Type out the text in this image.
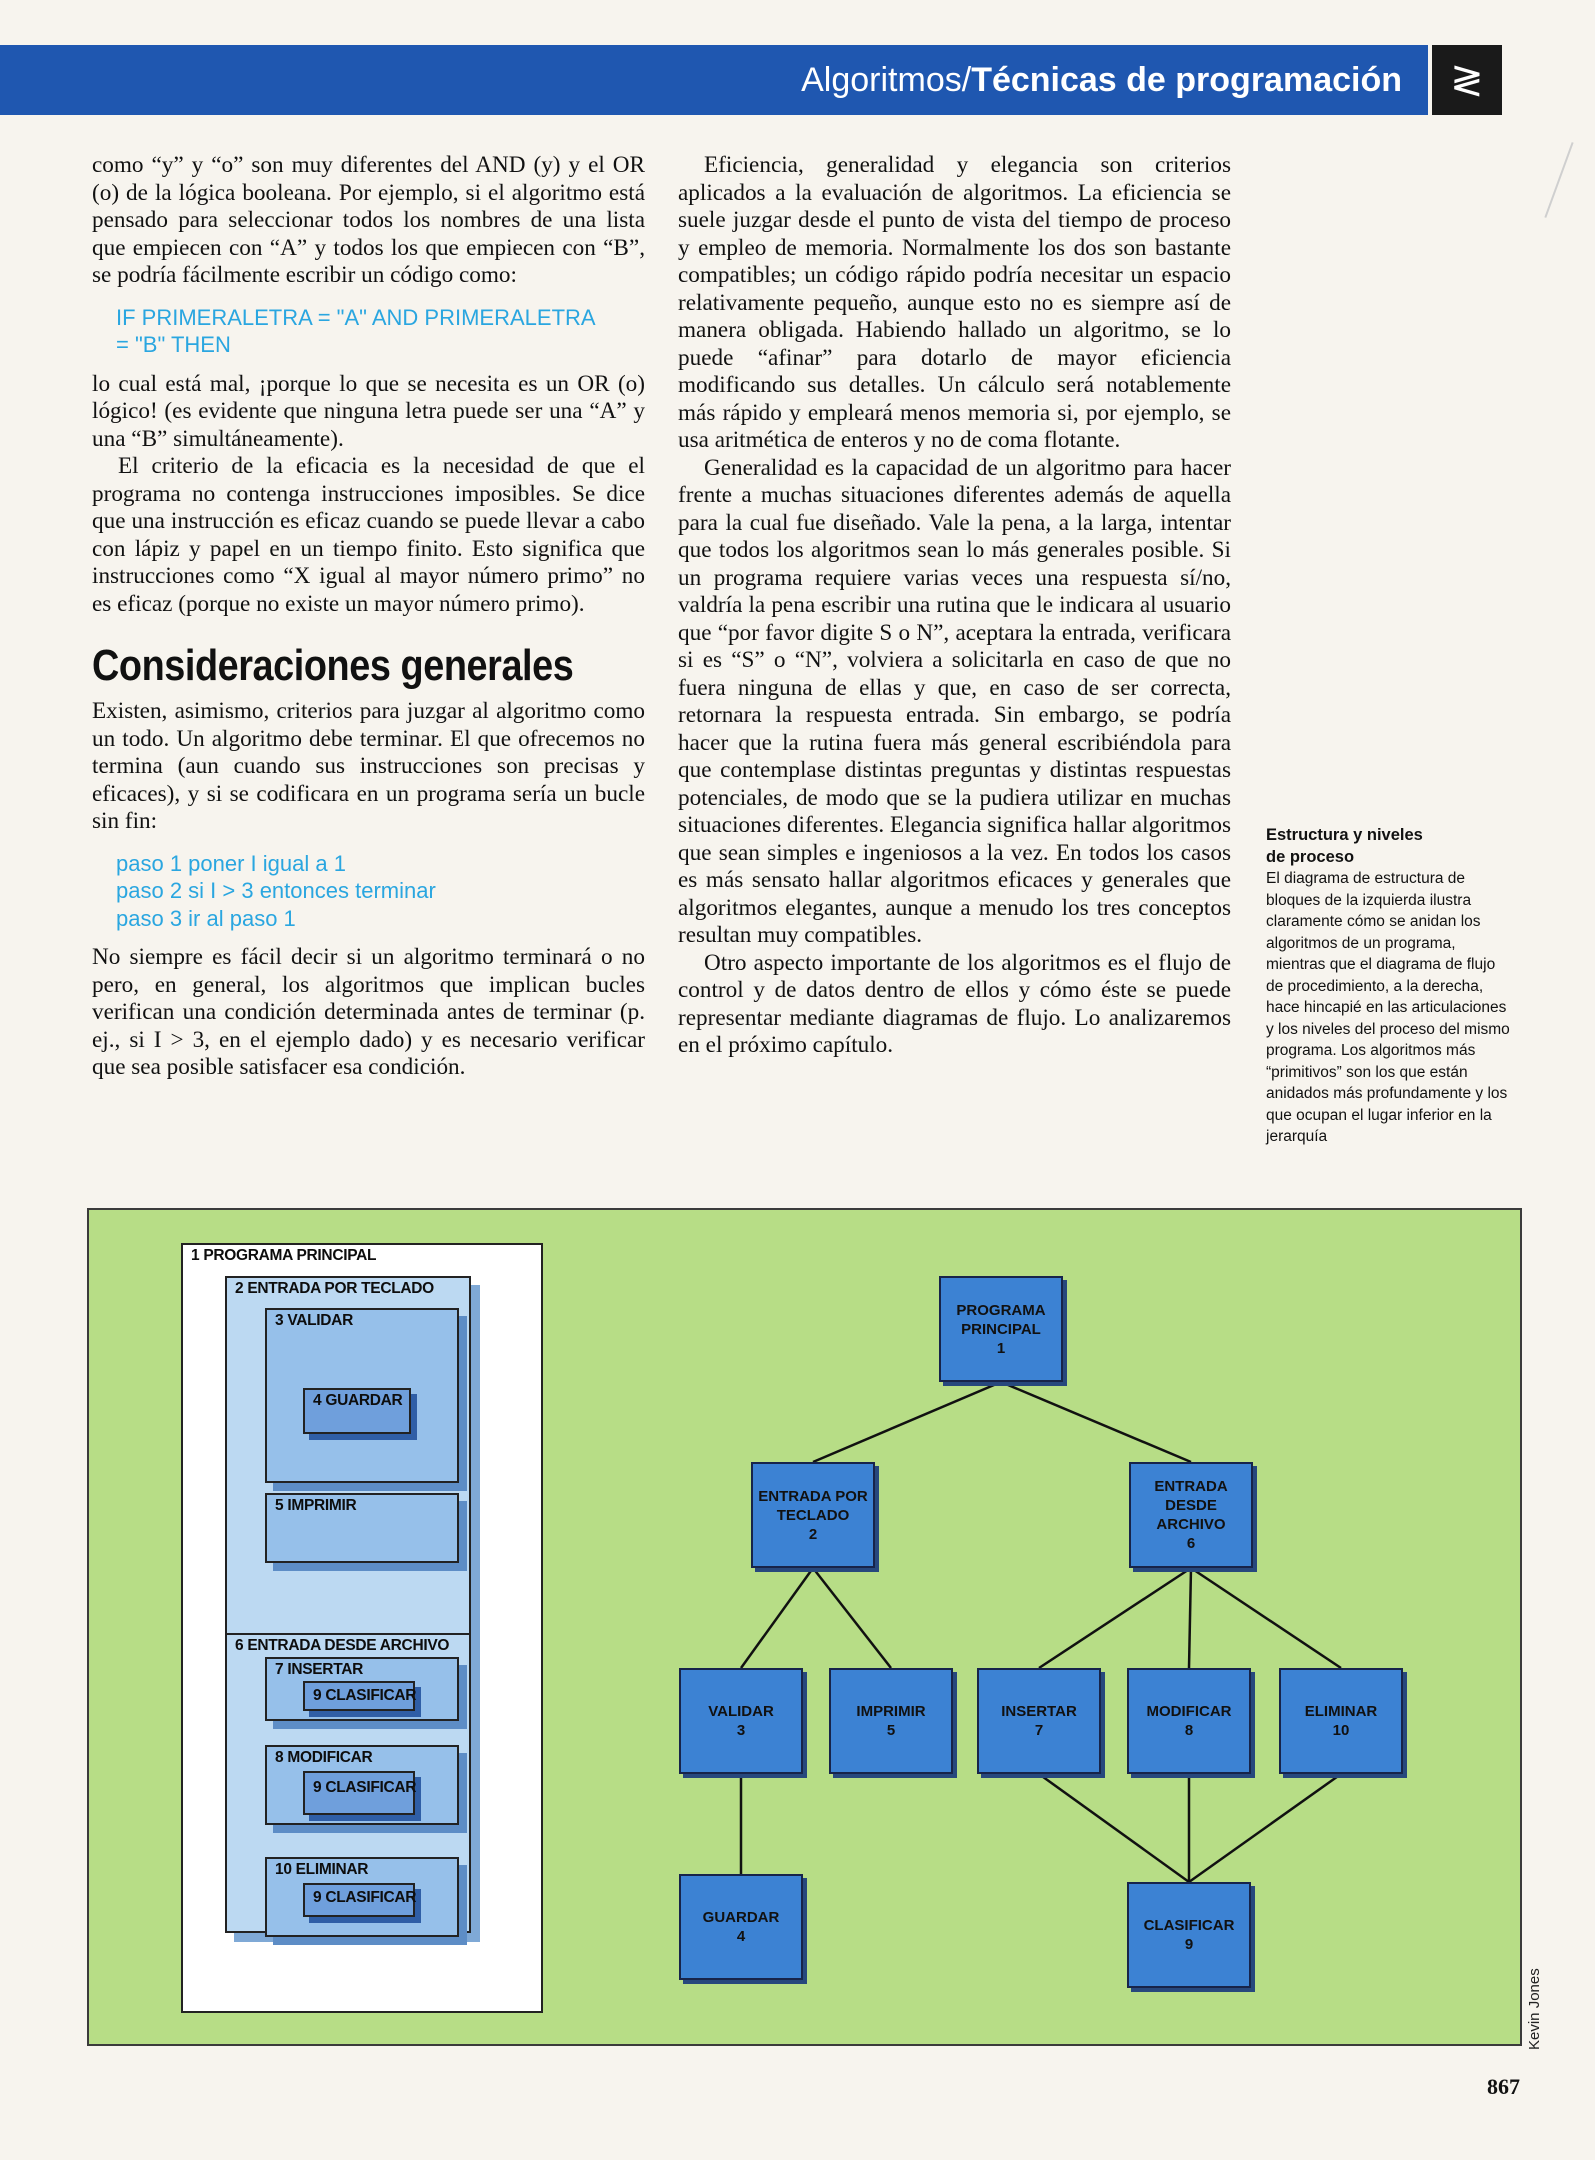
Algoritmos/Técnicas de programación	≷

como “y” y “o” son muy diferentes del AND (y) y el OR (o) de la lógica booleana. Por ejemplo, si el algoritmo está pensado para seleccionar todos los nombres de una lista que empiecen con “A” y todos los que empiecen con “B”, se podría fácilmente escribir un código como:

IF PRIMERALETRA = "A" AND PRIMERALETRA
= "B" THEN

lo cual está mal, ¡porque lo que se necesita es un OR (o) lógico! (es evidente que ninguna letra puede ser una “A” y una “B” simultáneamente).

El criterio de la eficacia es la necesidad de que el programa no contenga instrucciones imposibles. Se dice que una instrucción es eficaz cuando se puede llevar a cabo con lápiz y papel en un tiempo finito. Esto significa que instrucciones como “X igual al mayor número primo” no es eficaz (porque no existe un mayor número primo).

Consideraciones generales

Existen, asimismo, criterios para juzgar al algoritmo como un todo. Un algoritmo debe terminar. El que ofrecemos no termina (aun cuando sus instrucciones son precisas y eficaces), y si se codificara en un programa sería un bucle sin fin:

paso 1 poner I igual a 1
paso 2 si I > 3 entonces terminar
paso 3 ir al paso 1

No siempre es fácil decir si un algoritmo terminará o no pero, en general, los algoritmos que implican bucles verifican una condición determinada antes de terminar (p. ej., si I > 3, en el ejemplo dado) y es necesario verificar que sea posible satisfacer esa condición.

Eficiencia, generalidad y elegancia son criterios aplicados a la evaluación de algoritmos. La eficiencia se suele juzgar desde el punto de vista del tiempo de proceso y empleo de memoria. Normalmente los dos son bastante compatibles; un código rápido podría necesitar un espacio relativamente pequeño, aunque esto no es siempre así de manera obligada. Habiendo hallado un algoritmo, se lo puede “afinar” para dotarlo de mayor eficiencia modificando sus detalles. Un cálculo será notablemente más rápido y empleará menos memoria si, por ejemplo, se usa aritmética de enteros y no de coma flotante.

Generalidad es la capacidad de un algoritmo para hacer frente a muchas situaciones diferentes además de aquella para la cual fue diseñado. Vale la pena, a la larga, intentar que todos los algoritmos sean lo más generales posible. Si un programa requiere varias veces una respuesta sí/no, valdría la pena escribir una rutina que le indicara al usuario que “por favor digite S o N”, aceptara la entrada, verificara si es “S” o “N”, volviera a solicitarla en caso de que no fuera ninguna de ellas y que, en caso de ser correcta, retornara la respuesta entrada. Sin embargo, se podría hacer que la rutina fuera más general escribiéndola para que contemplase distintas preguntas y distintas respuestas potenciales, de modo que se la pudiera utilizar en muchas situaciones diferentes. Elegancia significa hallar algoritmos que sean simples e ingeniosos a la vez. En todos los casos es más sensato hallar algoritmos eficaces y generales que algoritmos elegantes, aunque a menudo los tres conceptos resultan muy compatibles.

Otro aspecto importante de los algoritmos es el flujo de control y de datos dentro de ellos y cómo éste se puede representar mediante diagramas de flujo. Lo analizaremos en el próximo capítulo.

Estructura y niveles
de proceso
El diagrama de estructura de bloques de la izquierda ilustra claramente cómo se anidan los algoritmos de un programa, mientras que el diagrama de flujo de procedimiento, a la derecha, hace hincapié en las articulaciones y los niveles del proceso del mismo programa. Los algoritmos más “primitivos” son los que están anidados más profundamente y los que ocupan el lugar inferior en la jerarquía
1 PROGRAMA PRINCIPAL
2 ENTRADA POR TECLADO
3 VALIDAR
4 GUARDAR
5 IMPRIMIR
6 ENTRADA DESDE ARCHIVO
7 INSERTAR
9 CLASIFICAR
8 MODIFICAR
9 CLASIFICAR
10 ELIMINAR
9 CLASIFICAR
PROGRAMA
PRINCIPAL
1
ENTRADA POR
TECLADO
2
ENTRADA DESDE
ARCHIVO
6
VALIDAR
3
IMPRIMIR
5
INSERTAR
7
MODIFICAR
8
ELIMINAR
10
GUARDAR
4
CLASIFICAR
9
Kevin Jones
867
